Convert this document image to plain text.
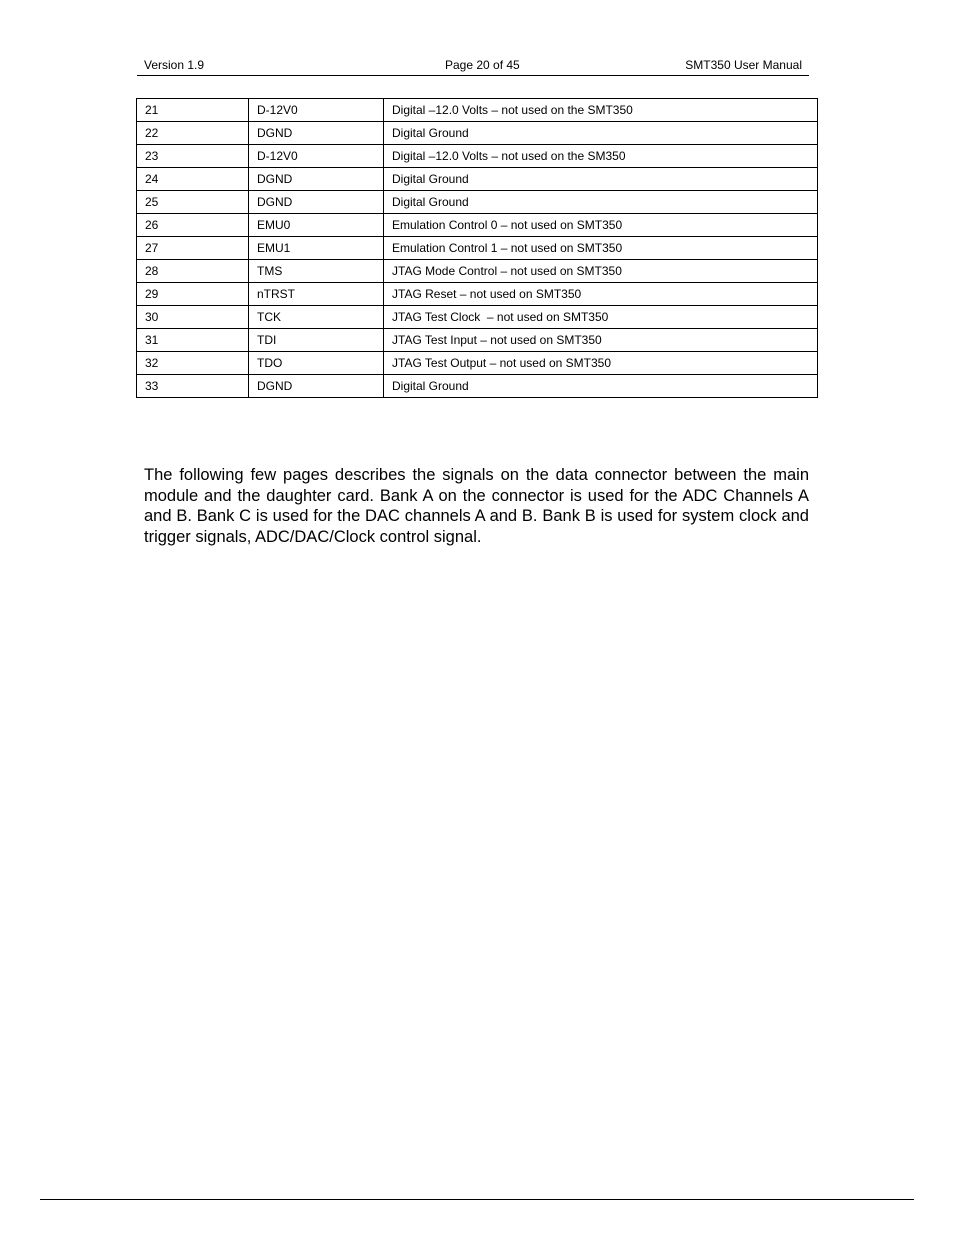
Version 1.9	Page 20 of 45	SMT350 User Manual
21	D-12V0	Digital –12.0 Volts – not used on the SMT350
22	DGND	Digital Ground
23	D-12V0	Digital –12.0 Volts – not used on the SM350
24	DGND	Digital Ground
25	DGND	Digital Ground
26	EMU0	Emulation Control 0 – not used on SMT350
27	EMU1	Emulation Control 1 – not used on SMT350
28	TMS	JTAG Mode Control – not used on SMT350
29	nTRST	JTAG Reset – not used on SMT350
30	TCK	JTAG Test Clock  – not used on SMT350
31	TDI	JTAG Test Input – not used on SMT350
32	TDO	JTAG Test Output – not used on SMT350
33	DGND	Digital Ground
The following few pages describes the signals on the data connector between the main module and the daughter card. Bank A on the connector is used for the ADC Channels A and B. Bank C is used for the DAC channels A and B. Bank B is used for system clock and trigger signals, ADC/DAC/Clock control signal.
